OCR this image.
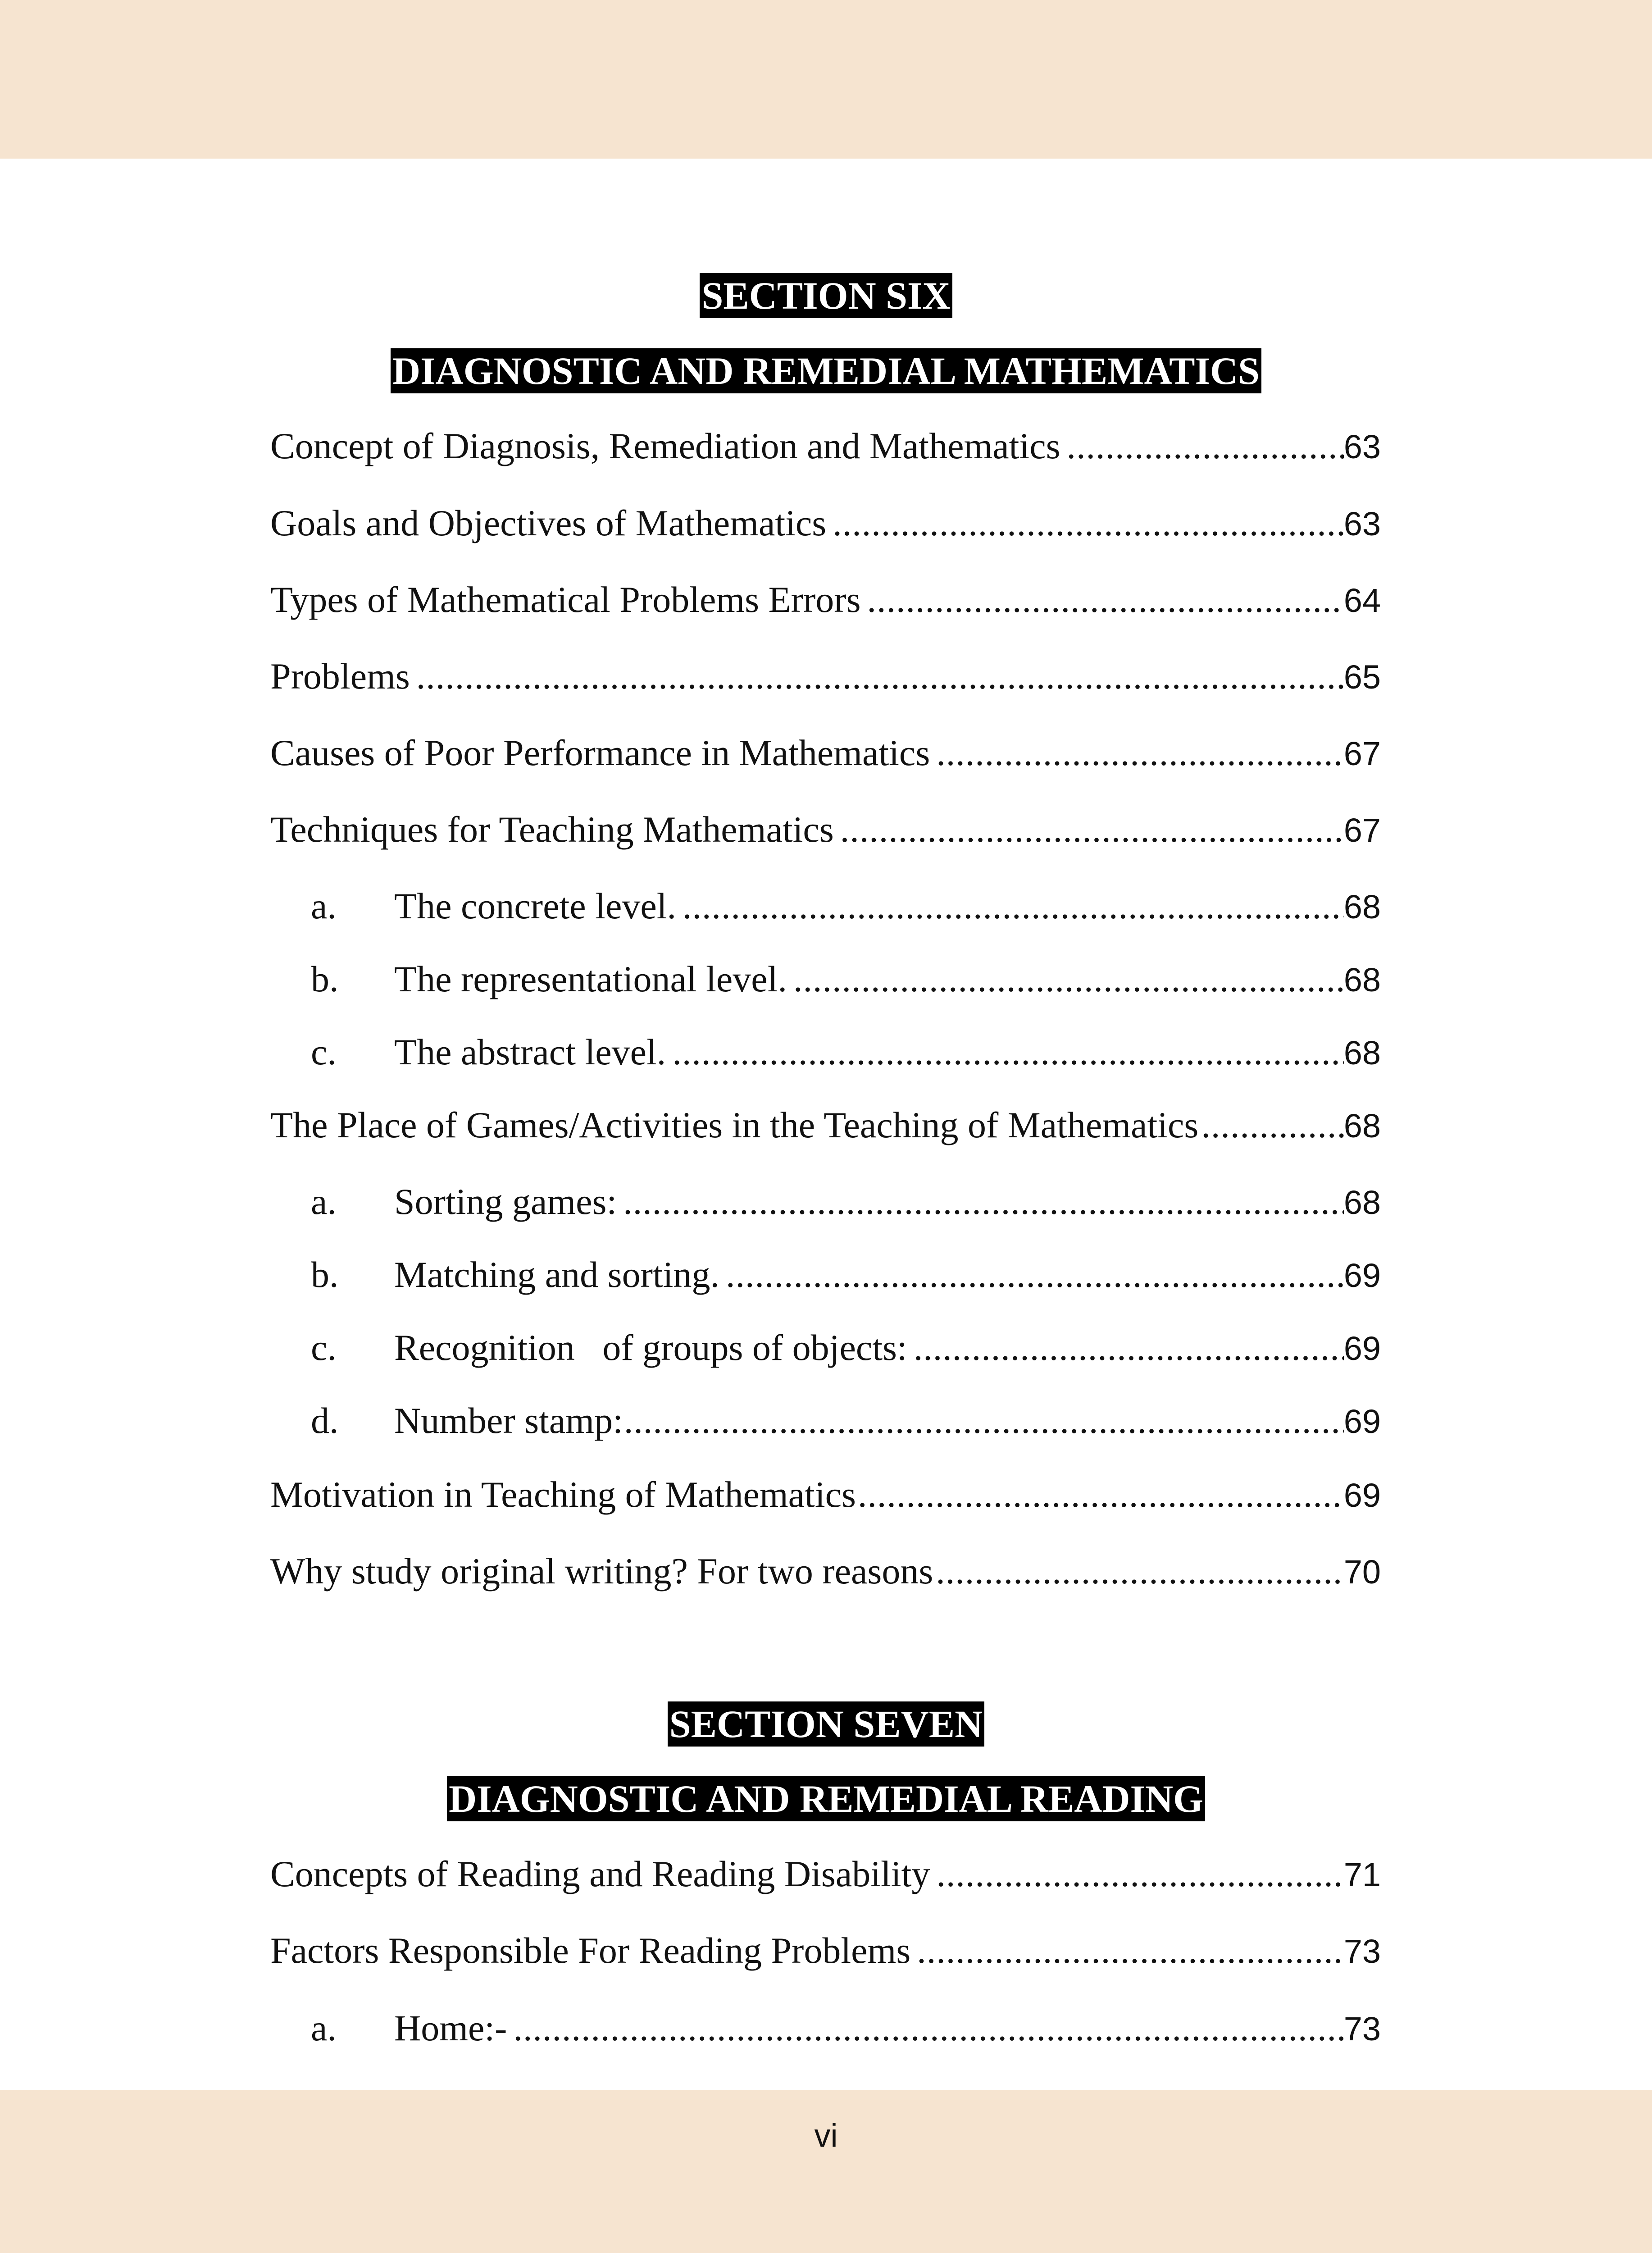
SECTION SIX
DIAGNOSTIC AND REMEDIAL MATHEMATICS
Concept of Diagnosis, Remediation and Mathematics .....	63
Goals and Objectives of Mathematics .....	63
Types of Mathematical Problems Errors .....	64
Problems .....	65
Causes of Poor Performance in Mathematics .....	67
Techniques for Teaching Mathematics .....	67
a.	The concrete level. .....	68
b.	The representational level. .....	68
c.	The abstract level. .....	68
The Place of Games/Activities in the Teaching of Mathematics .....	68
a.	Sorting games: .....	68
b.	Matching and sorting. .....	69
c.	Recognition   of groups of objects: .....	69
d.	Number stamp: .....	69
Motivation in Teaching of Mathematics .....	69
Why study original writing? For two reasons .....	70
SECTION SEVEN
DIAGNOSTIC AND REMEDIAL READING
Concepts of Reading and Reading Disability .....	71
Factors Responsible For Reading Problems .....	73
a.	Home:- .....	73
vi
